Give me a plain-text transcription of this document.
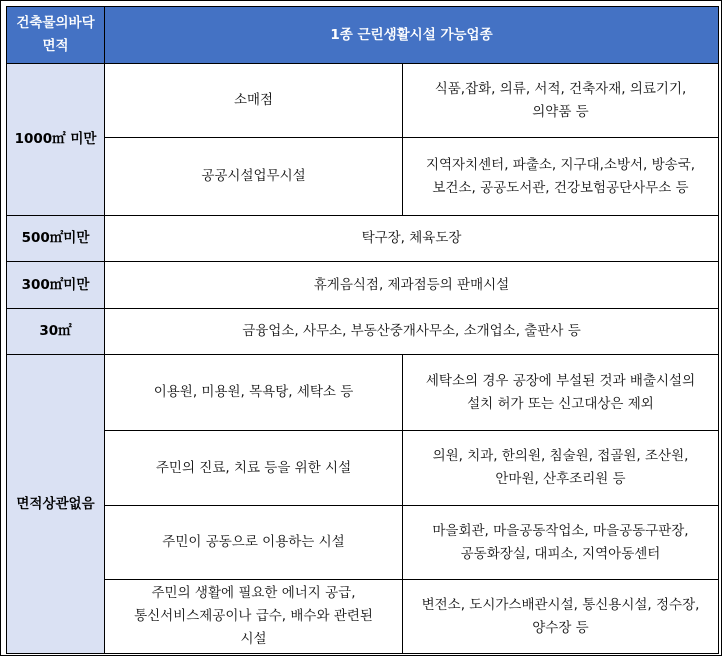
건축물의바닥
면적	1종 근린생활시설 가능업종	
1000㎡ 미만	소매점	식품,잡화, 의류, 서적, 건축자재, 의료기기,
의약품 등
	공공시설업무시설	지역자치센터, 파출소, 지구대,소방서, 방송국,
보건소, 공공도서관, 건강보험공단사무소 등
500㎡미만	탁구장, 체육도장	
300㎡미만	휴게음식점, 제과점등의 판매시설	
30㎡	금융업소, 사무소, 부동산중개사무소, 소개업소, 출판사 등	
면적상관없음	이용원, 미용원, 목욕탕, 세탁소 등	세탁소의 경우 공장에 부설된 것과 배출시설의
설치 허가 또는 신고대상은 제외
	주민의 진료, 치료 등을 위한 시설	의원, 치과, 한의원, 침술원, 접골원, 조산원,
안마원, 산후조리원 등
	주민이 공동으로 이용하는 시설	마을회관, 마을공동작업소, 마을공동구판장,
공동화장실, 대피소, 지역아동센터
	주민의 생활에 필요한 에너지 공급,
통신서비스제공이나 급수, 배수와 관련된
시설	변전소, 도시가스배관시설, 통신용시설, 정수장,
양수장 등
